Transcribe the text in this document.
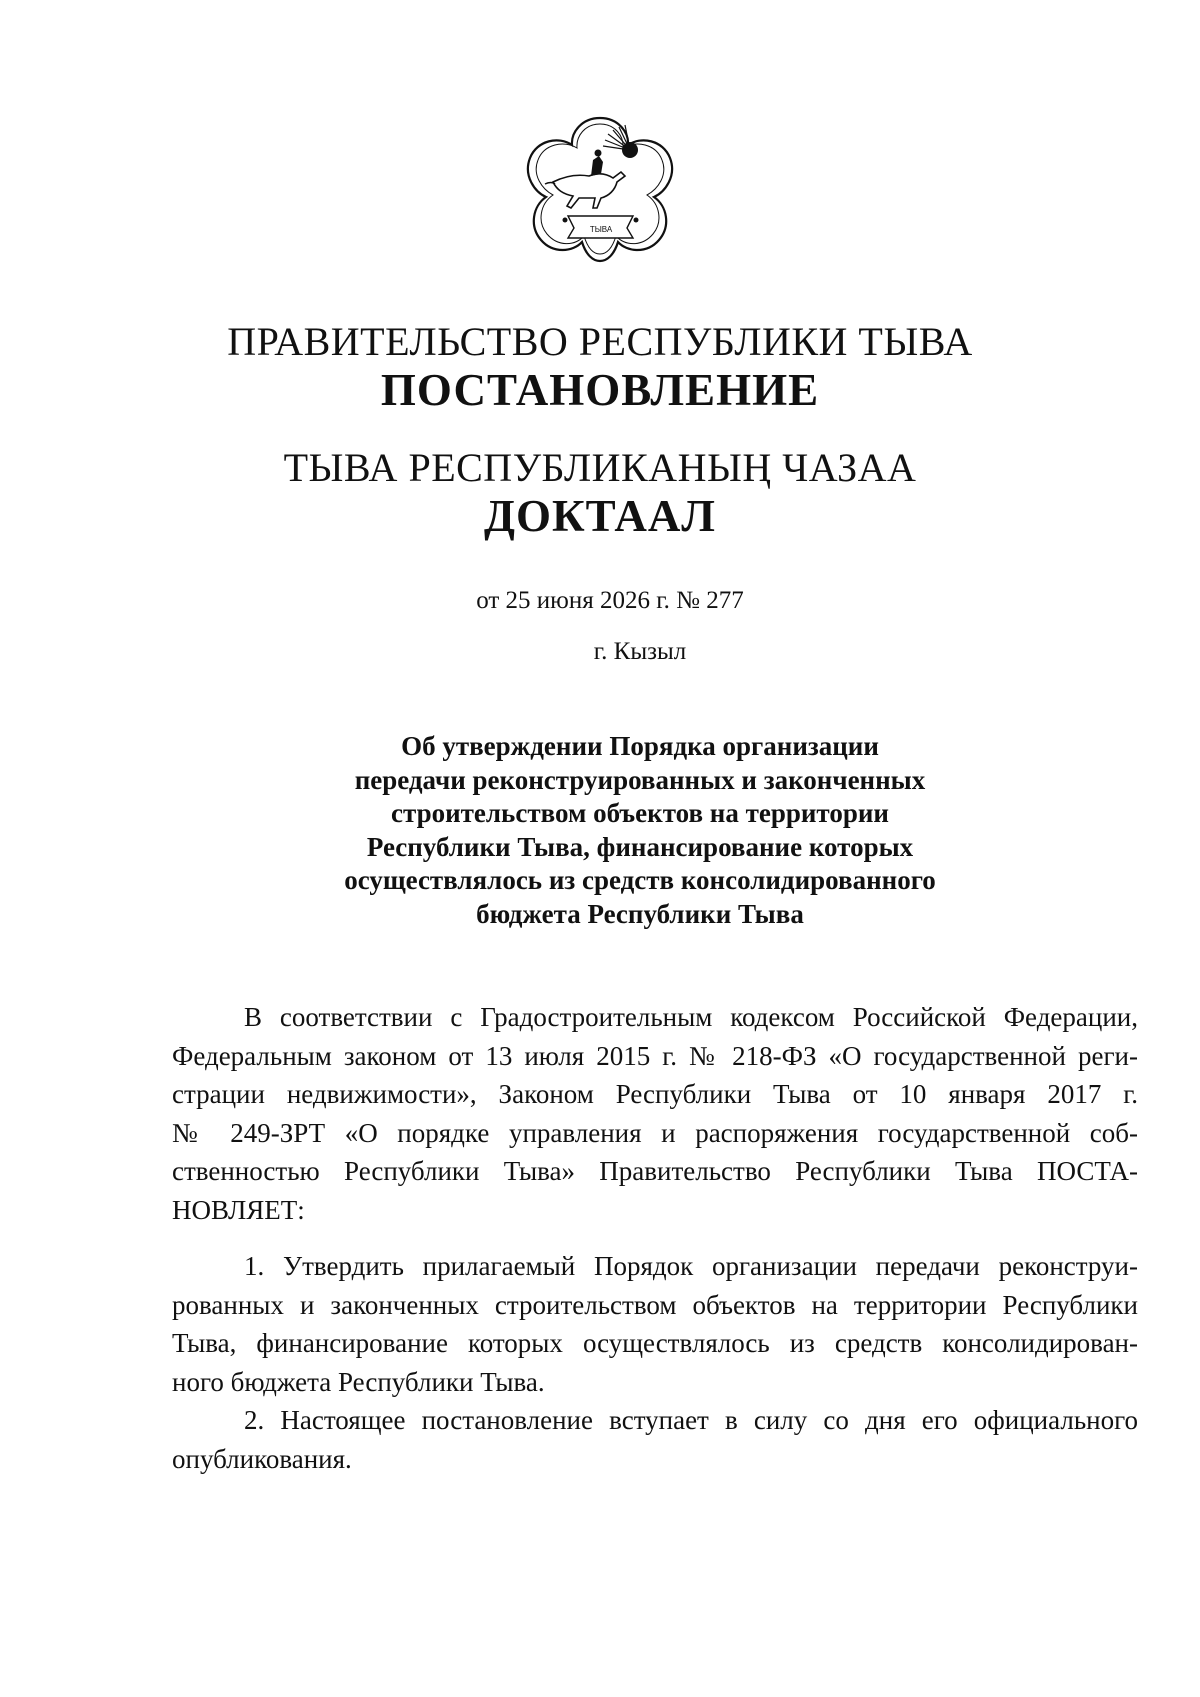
ТЫВА
ПРАВИТЕЛЬСТВО РЕСПУБЛИКИ ТЫВА
ПОСТАНОВЛЕНИЕ
ТЫВА РЕСПУБЛИКАНЫҢ ЧАЗАА
ДОКТААЛ
от 25 июня 2026 г. № 277
г. Кызыл
Об утверждении Порядка организации
передачи реконструированных и законченных
строительством объектов на территории
Республики Тыва, финансирование которых
осуществлялось из средств консолидированного
бюджета Республики Тыва
В соответствии с Градостроительным кодексом Российской Федерации,
Федеральным законом от 13 июля 2015 г. № 218-ФЗ «О государственной реги-
страции недвижимости», Законом Республики Тыва от 10 января 2017 г.
№ 249-ЗРТ «О порядке управления и распоряжения государственной соб-
ственностью Республики Тыва» Правительство Республики Тыва ПОСТА-
НОВЛЯЕТ:
1. Утвердить прилагаемый Порядок организации передачи реконструи-
рованных и законченных строительством объектов на территории Республики
Тыва, финансирование которых осуществлялось из средств консолидирован-
ного бюджета Республики Тыва.
2. Настоящее постановление вступает в силу со дня его официального
опубликования.
